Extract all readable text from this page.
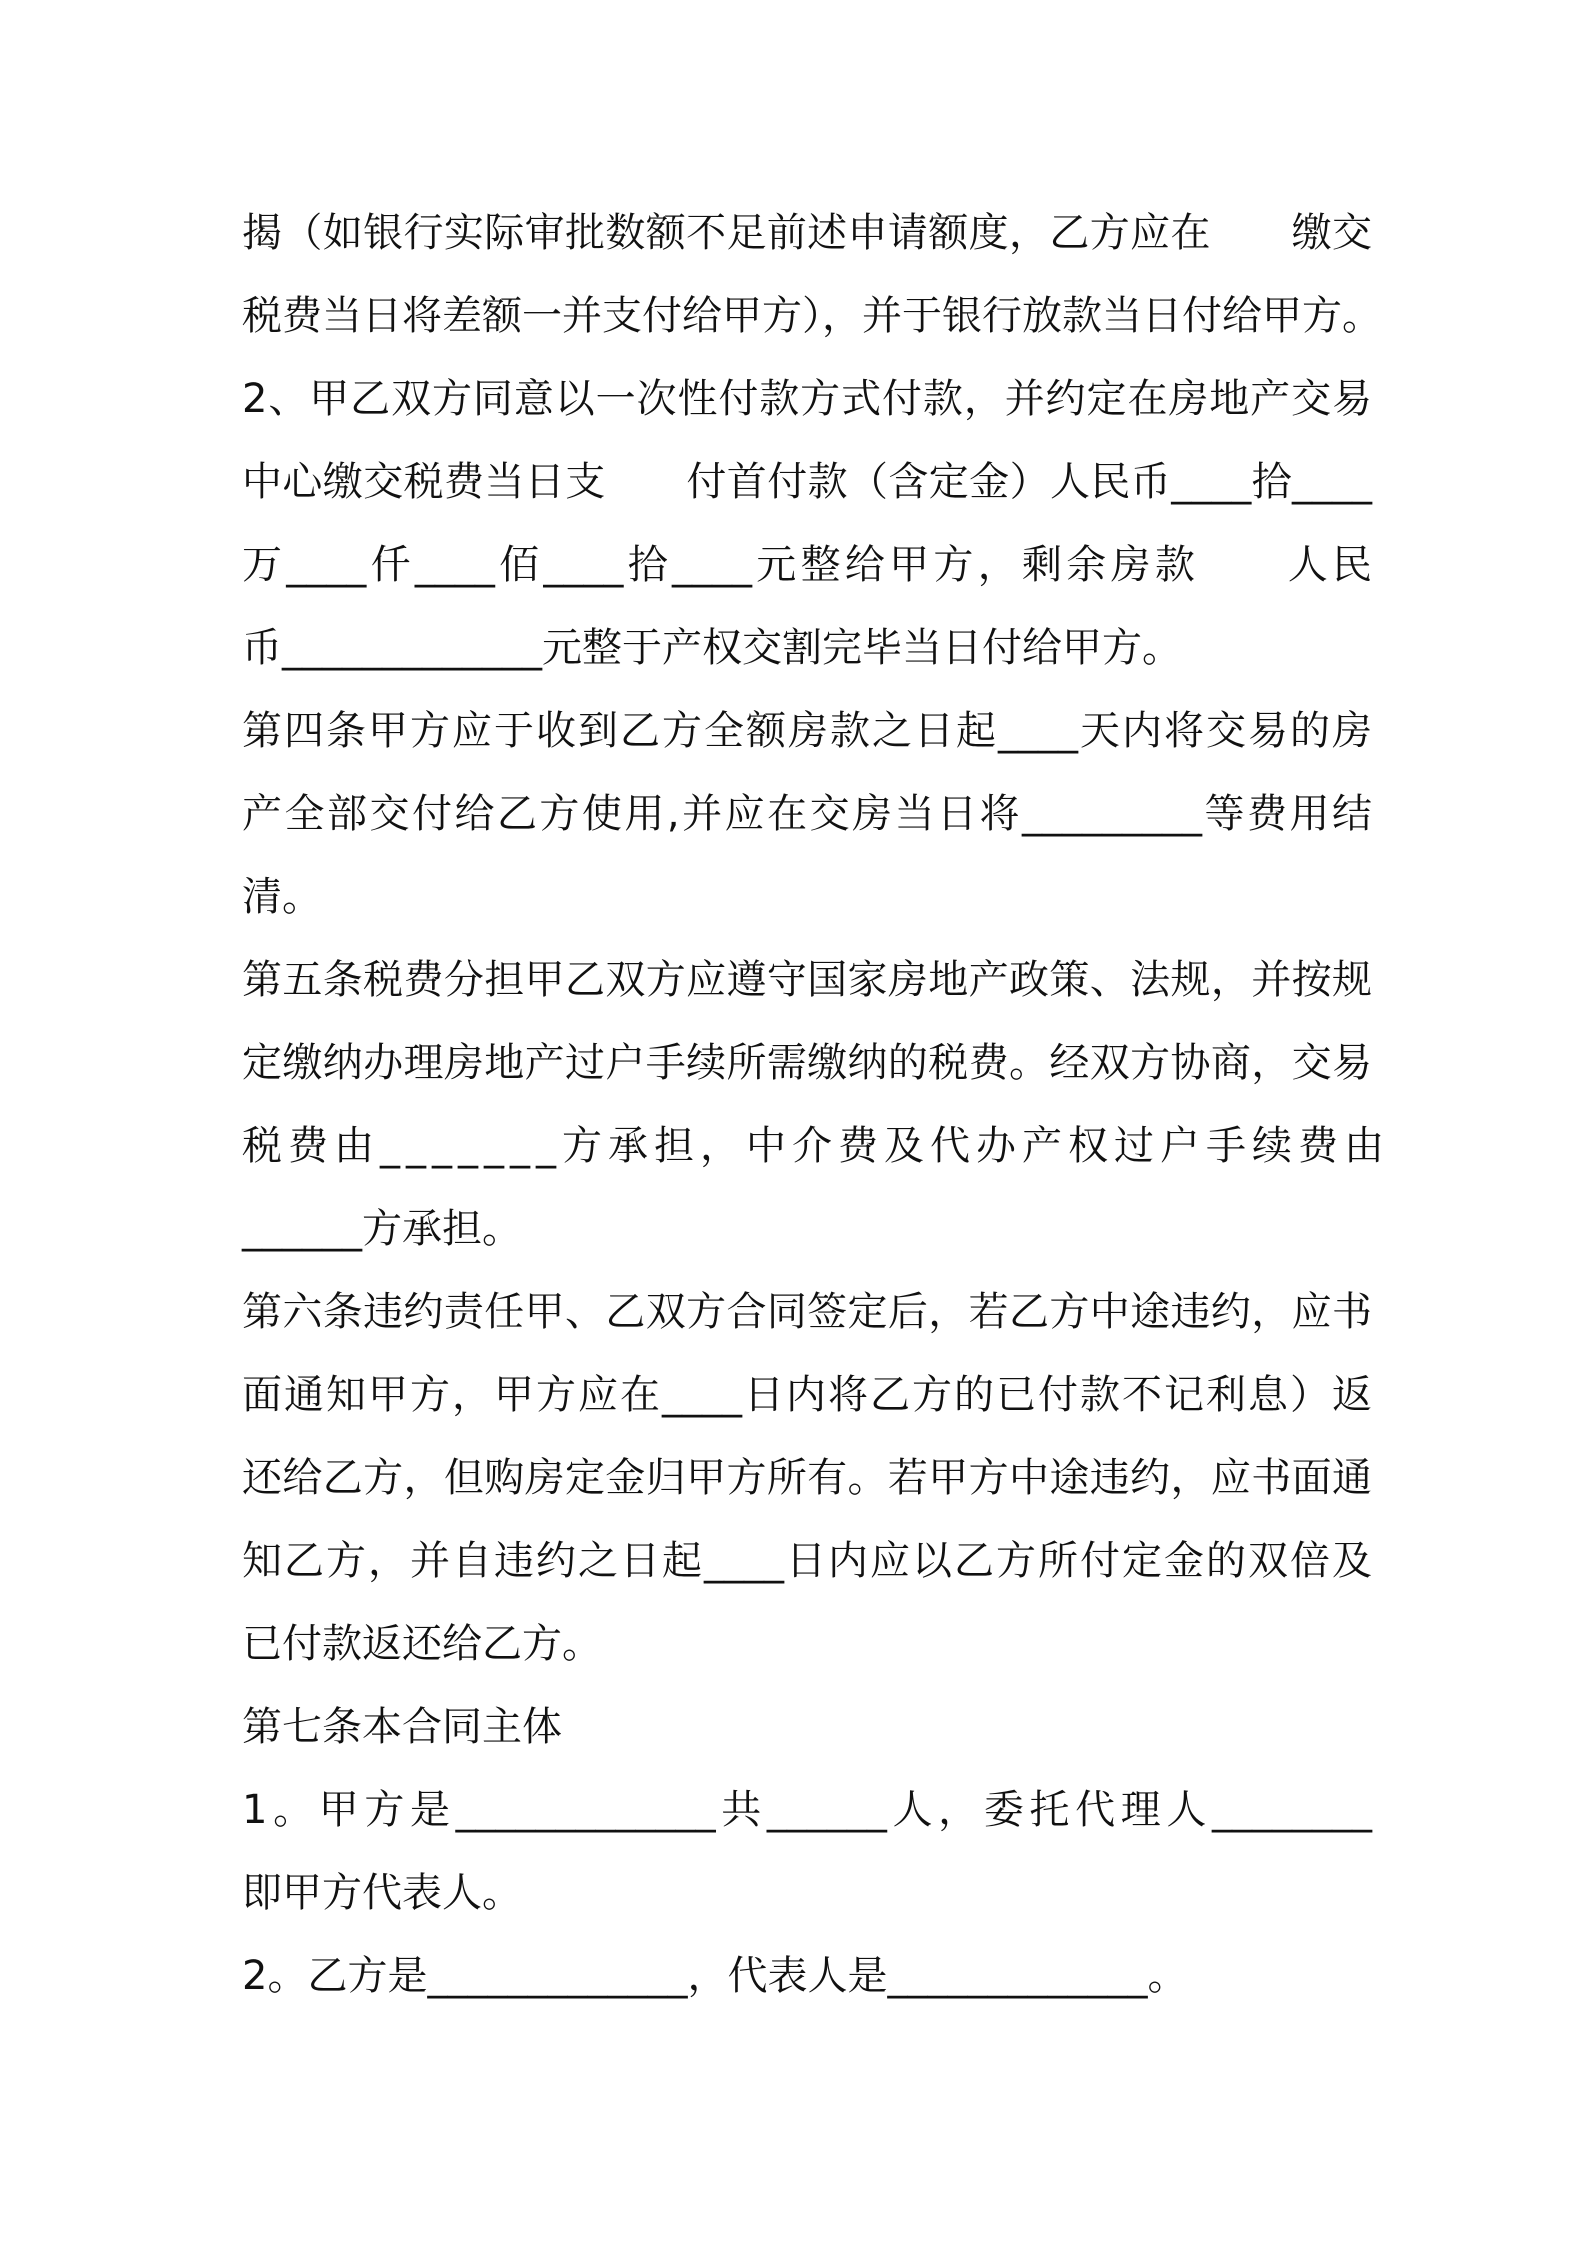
揭（如银行实际审批数额不足前述申请额度，乙方应在　　缴交
税费当日将差额一并支付给甲方），并于银行放款当日付给甲方。
2、甲乙双方同意以一次性付款方式付款，并约定在房地产交易
中心缴交税费当日支　　付首付款（含定金）人民币____拾____
万____仟____佰____拾____元整给甲方，剩余房款　　人民
币_____________元整于产权交割完毕当日付给甲方。
第四条甲方应于收到乙方全额房款之日起____天内将交易的房
产全部交付给乙方使用,并应在交房当日将_________等费用结
清。
第五条税费分担甲乙双方应遵守国家房地产政策、法规，并按规
定缴纳办理房地产过户手续所需缴纳的税费。经双方协商，交易
税费由_______方承担，中介费及代办产权过户手续费由
______方承担。
第六条违约责任甲、乙双方合同签定后，若乙方中途违约，应书
面通知甲方，甲方应在____日内将乙方的已付款不记利息）返
还给乙方，但购房定金归甲方所有。若甲方中途违约，应书面通
知乙方，并自违约之日起____日内应以乙方所付定金的双倍及
已付款返还给乙方。
第七条本合同主体
1。甲方是_____________共______人，委托代理人________
即甲方代表人。
2。乙方是_____________，代表人是_____________。
